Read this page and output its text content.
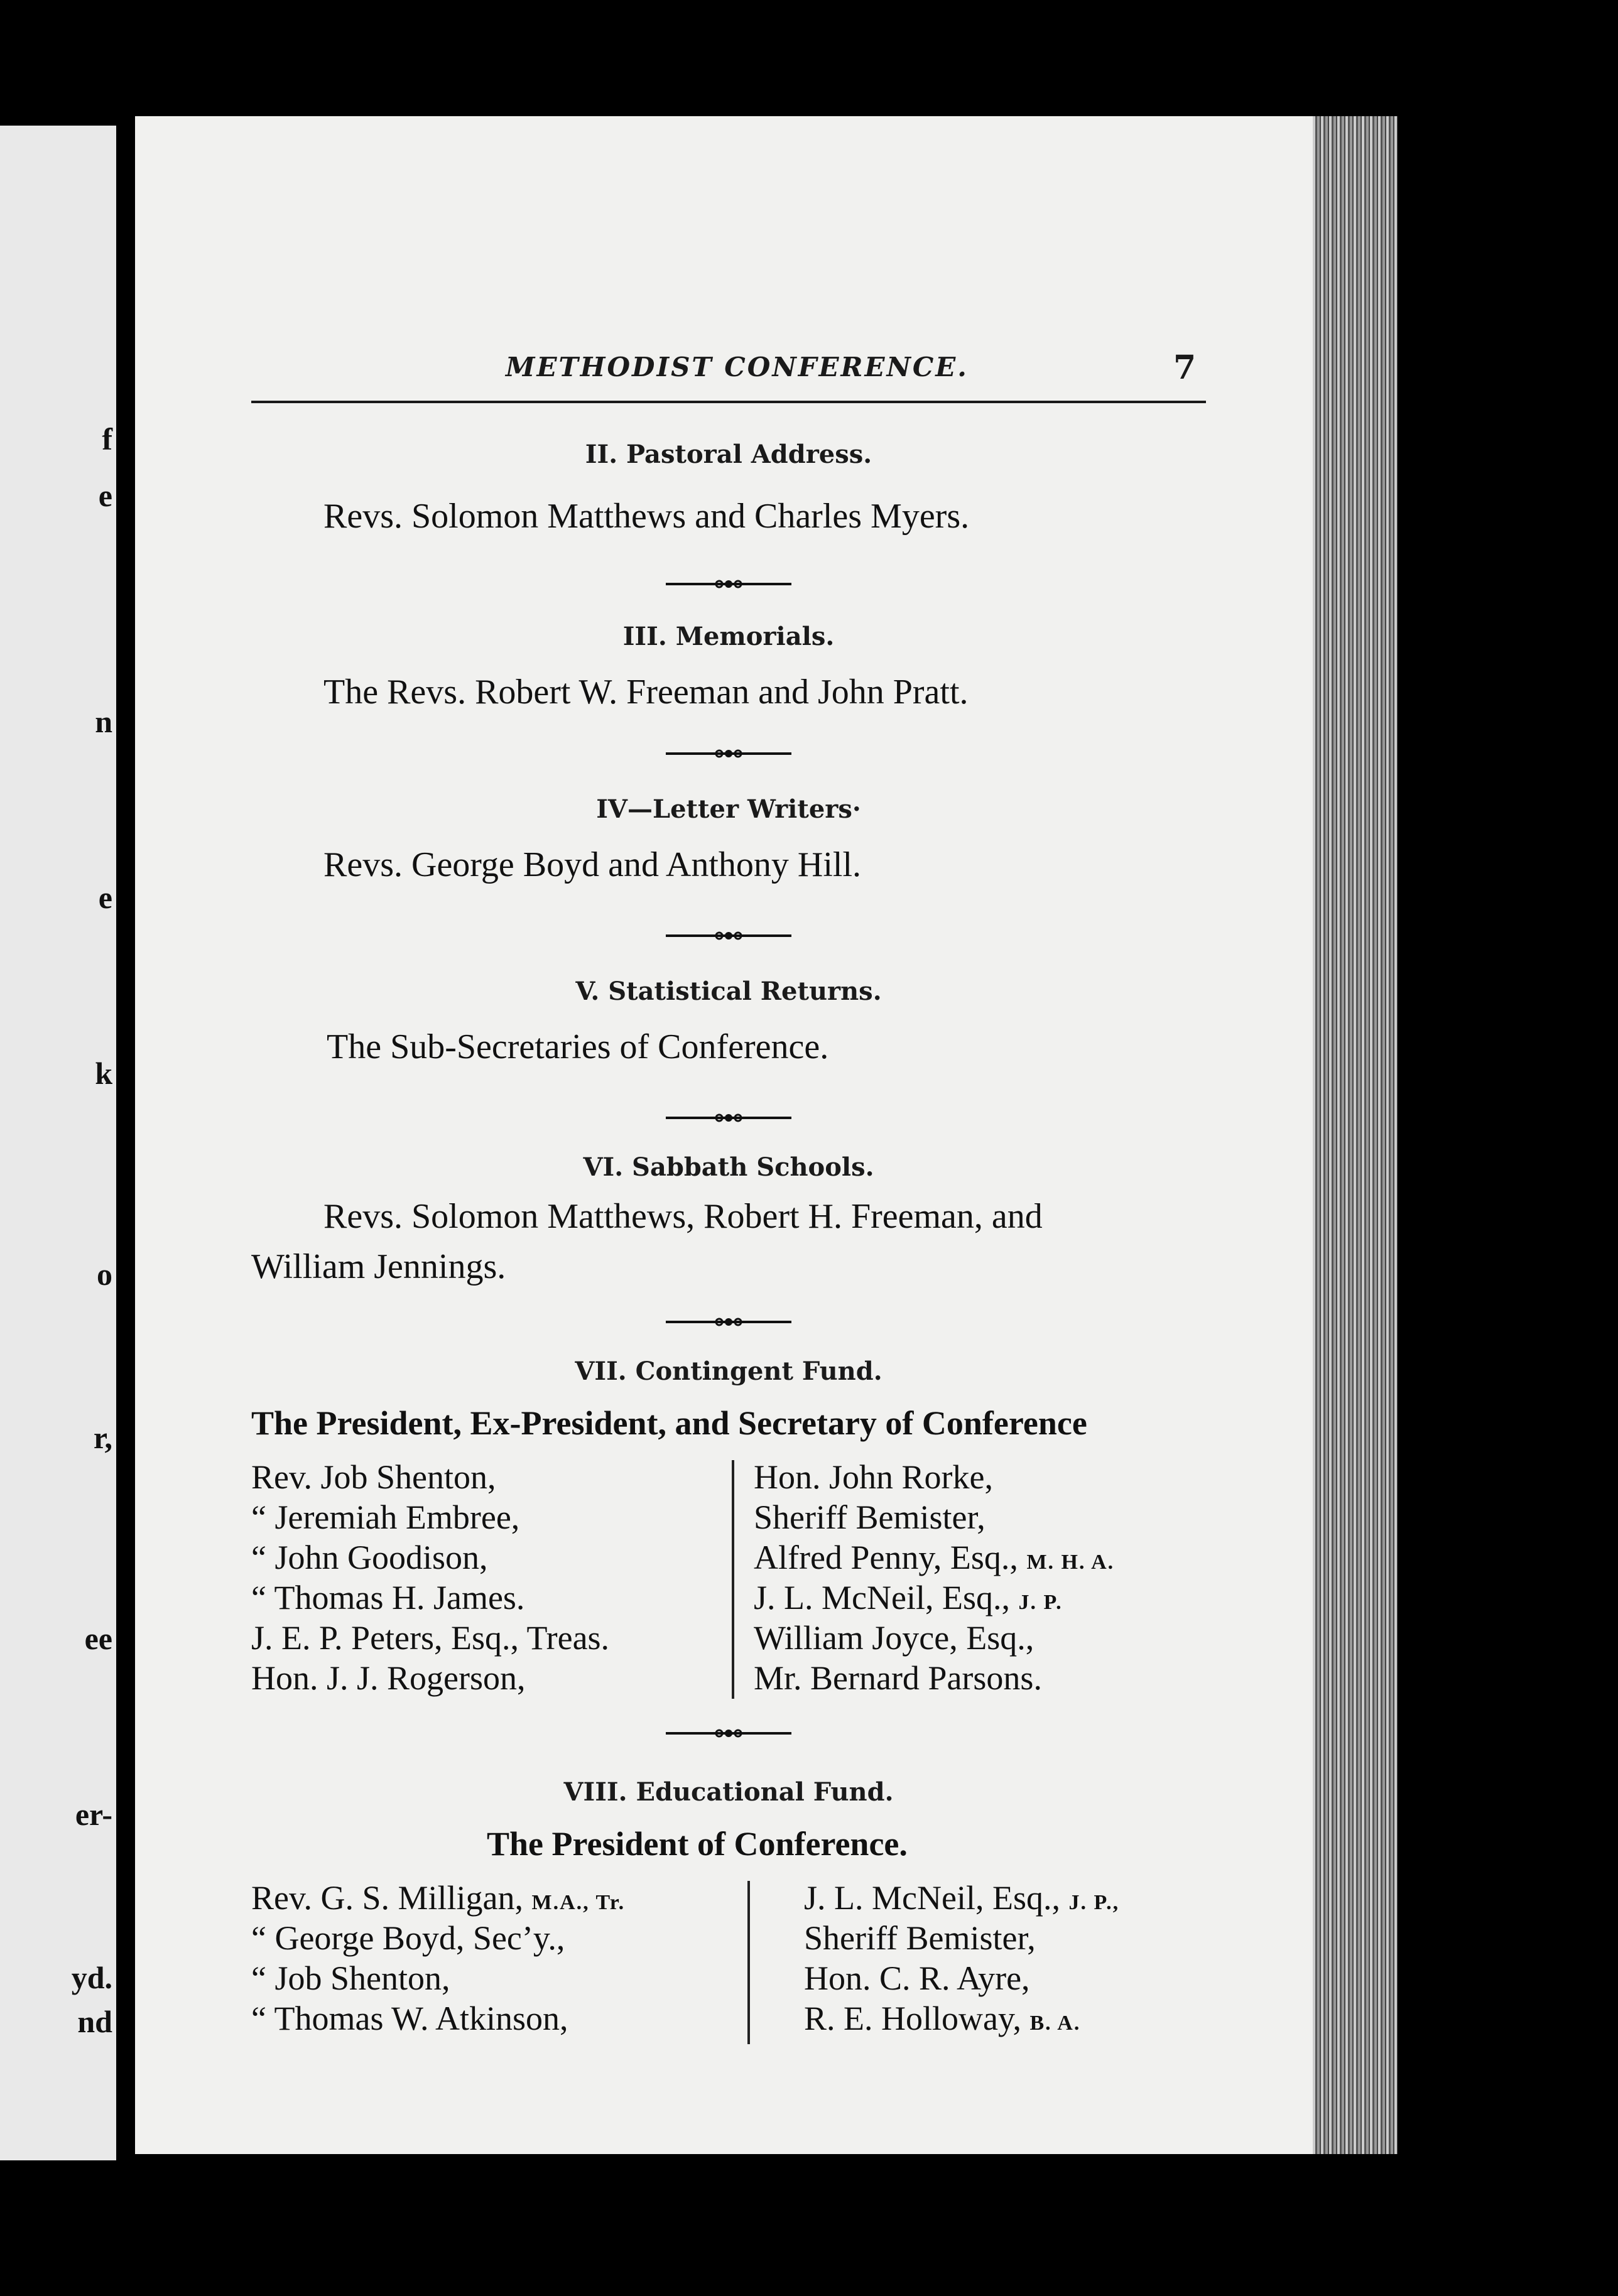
f
e
n
e
k
o
r,
ee
er-
yd.
nd
METHODIST CONFERENCE.	7
II. Pastoral Address.
Revs. Solomon Matthews and Charles Myers.
III. Memorials.
The Revs. Robert W. Freeman and John Pratt.
IV—Letter Writers·
Revs. George Boyd and Anthony Hill.
V. Statistical Returns.
The Sub-Secretaries of Conference.
VI. Sabbath Schools.
Revs. Solomon Matthews, Robert H. Freeman, and
William Jennings.
VII. Contingent Fund.
The President, Ex-President, and Secretary of Conference
Rev. Job Shenton,
“ Jeremiah Embree,
“ John Goodison,
“ Thomas H. James.
J. E. P. Peters, Esq., Treas.
Hon. J. J. Rogerson,
Hon. John Rorke,
Sheriff Bemister,
Alfred Penny, Esq., M. H. A.
J. L. McNeil, Esq., J. P.
William Joyce, Esq.,
Mr. Bernard Parsons.
VIII. Educational Fund.
The President of Conference.
Rev. G. S. Milligan, M.A., Tr.
“ George Boyd, Sec’y.,
“ Job Shenton,
“ Thomas W. Atkinson,
J. L. McNeil, Esq., J. P.,
Sheriff Bemister,
Hon. C. R. Ayre,
R. E. Holloway, B. A.
